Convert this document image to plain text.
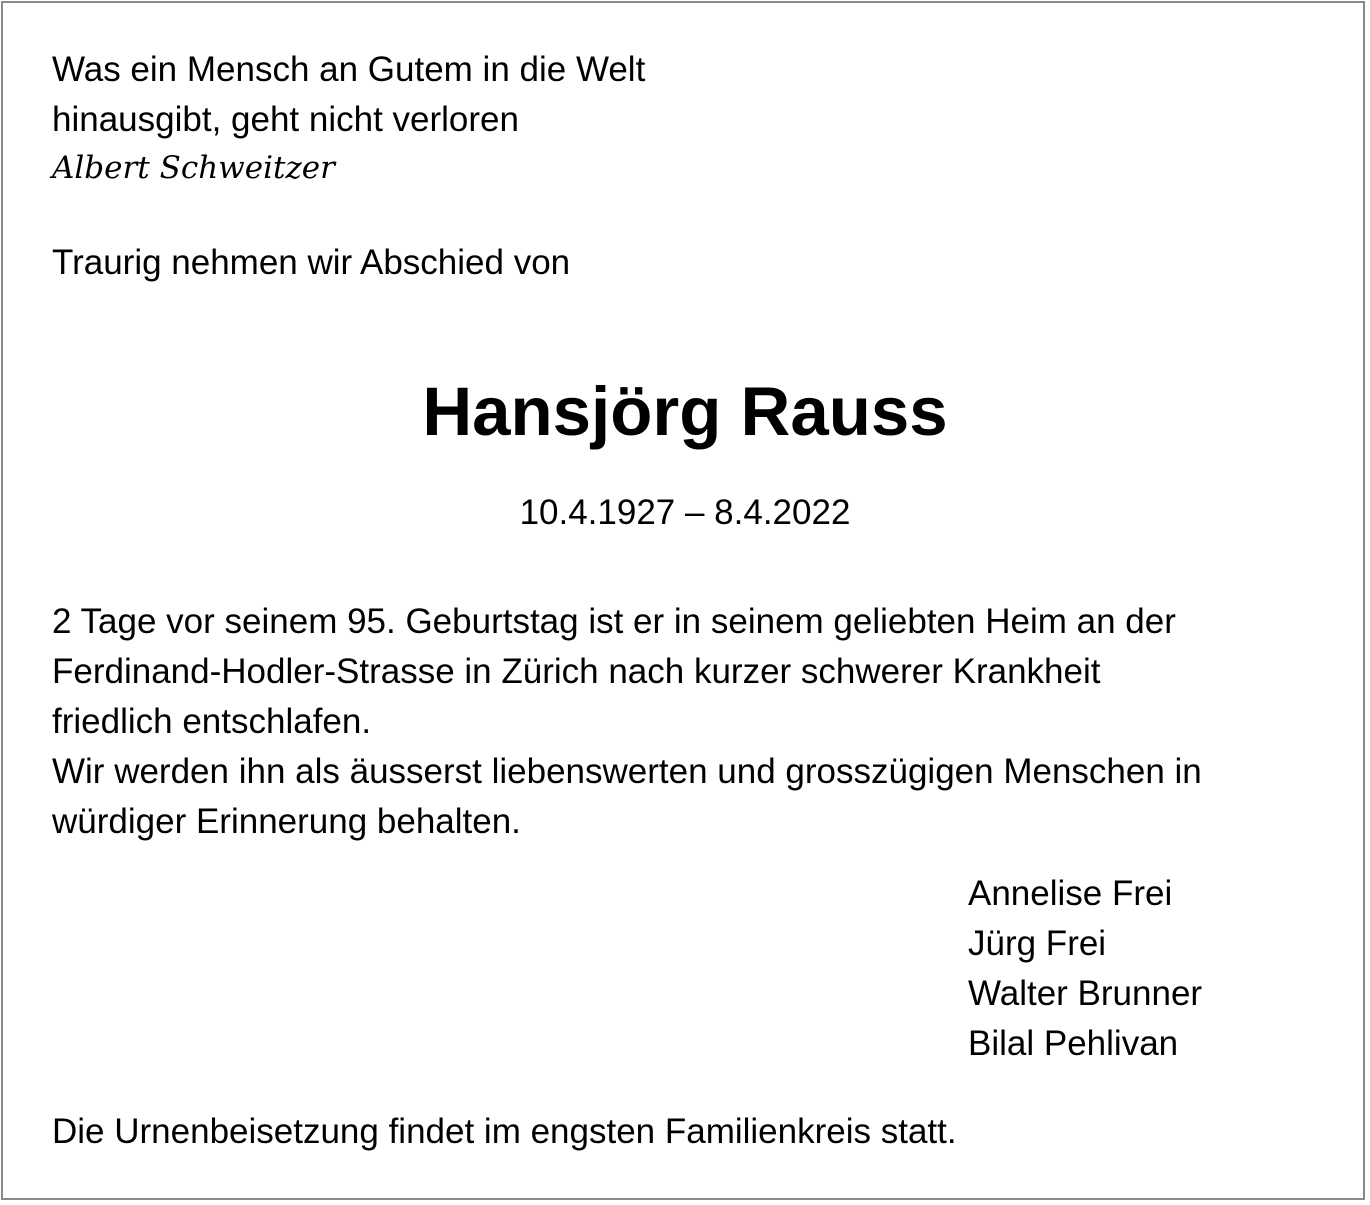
Was ein Mensch an Gutem in die Welt
hinausgibt, geht nicht verloren
Albert Schweitzer
Traurig nehmen wir Abschied von
Hansjörg Rauss
10.4.1927 – 8.4.2022
2 Tage vor seinem 95. Geburtstag ist er in seinem geliebten Heim an der
Ferdinand-Hodler-Strasse in Zürich nach kurzer schwerer Krankheit
friedlich entschlafen.
Wir werden ihn als äusserst liebenswerten und grosszügigen Menschen in
würdiger Erinnerung behalten.
Annelise Frei
Jürg Frei
Walter Brunner
Bilal Pehlivan
Die Urnenbeisetzung findet im engsten Familienkreis statt.
